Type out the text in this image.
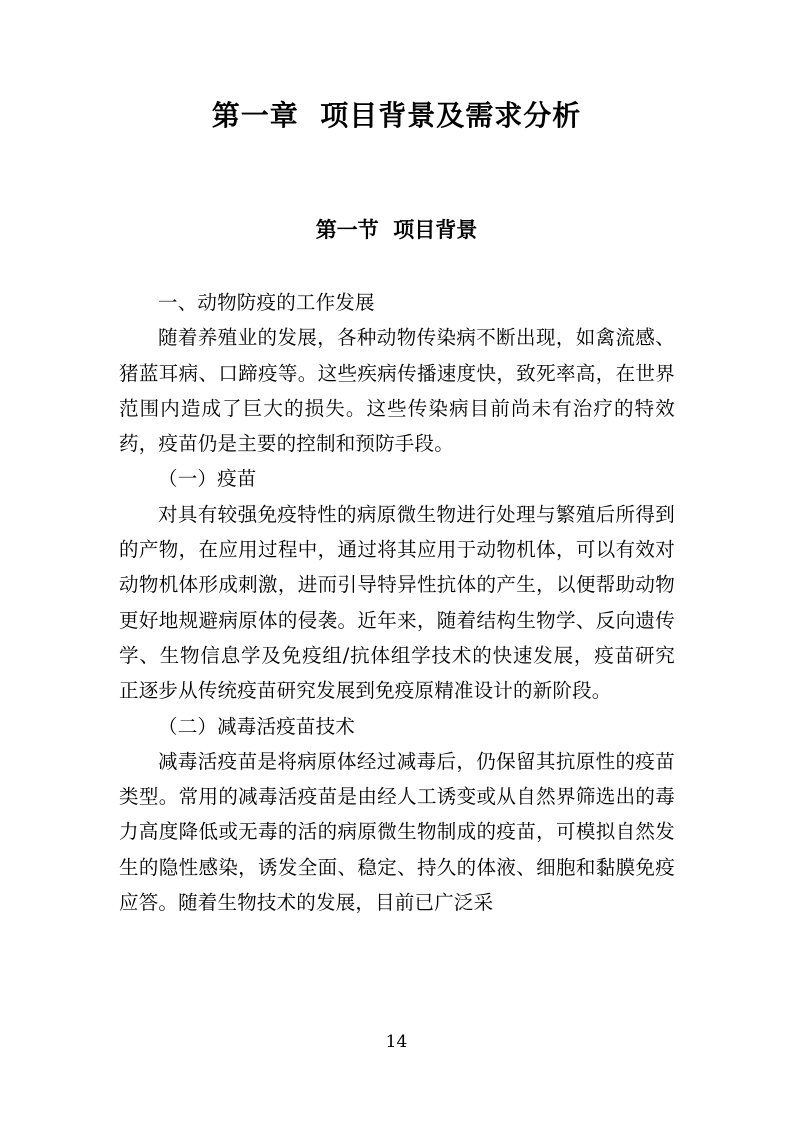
第一章  项目背景及需求分析
第一节  项目背景

一、动物防疫的工作发展

随着养殖业的发展，各种动物传染病不断出现，如禽流感、猪蓝耳病、口蹄疫等。这些疾病传播速度快，致死率高，在世界范围内造成了巨大的损失。这些传染病目前尚未有治疗的特效药，疫苗仍是主要的控制和预防手段。

（一）疫苗

对具有较强免疫特性的病原微生物进行处理与繁殖后所得到的产物，在应用过程中，通过将其应用于动物机体，可以有效对动物机体形成刺激，进而引导特异性抗体的产生，以便帮助动物更好地规避病原体的侵袭。近年来，随着结构生物学、反向遗传学、生物信息学及免疫组/抗体组学技术的快速发展，疫苗研究正逐步从传统疫苗研究发展到免疫原精准设计的新阶段。

（二）减毒活疫苗技术

减毒活疫苗是将病原体经过减毒后，仍保留其抗原性的疫苗类型。常用的减毒活疫苗是由经人工诱变或从自然界筛选出的毒力高度降低或无毒的活的病原微生物制成的疫苗，可模拟自然发生的隐性感染，诱发全面、稳定、持久的体液、细胞和黏膜免疫应答。随着生物技术的发展，目前已广泛采

14
